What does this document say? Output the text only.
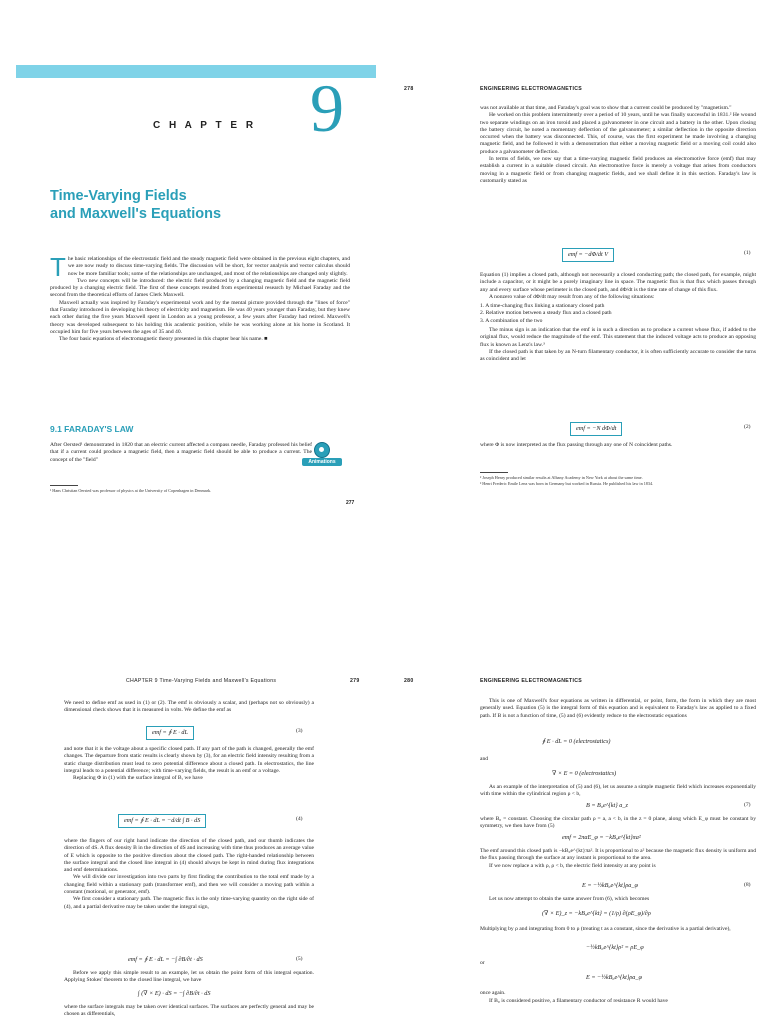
C H A P T E R 9
Time-Varying Fields
and Maxwell's Equations

The basic relationships of the electrostatic field and the steady magnetic field were obtained in the previous eight chapters, and we are now ready to discuss time-varying fields. The discussion will be short, for vector analysis and vector calculus should now be more familiar tools; some of the relationships are unchanged, and most of the relationships are changed only slightly.

Two new concepts will be introduced: the electric field produced by a changing magnetic field and the magnetic field produced by a changing electric field. The first of these concepts resulted from experimental research by Michael Faraday and the second from the theoretical efforts of James Clerk Maxwell.

Maxwell actually was inspired by Faraday's experimental work and by the mental picture provided through the "lines of force" that Faraday introduced in developing his theory of electricity and magnetism. He was 40 years younger than Faraday, but they knew each other during the five years Maxwell spent in London as a young professor, a few years after Faraday had retired. Maxwell's theory was developed subsequent to his holding this academic position, while he was working alone at his home in Scotland. It occupied him for five years between the ages of 35 and 40.

The four basic equations of electromagnetic theory presented in this chapter bear his name. ■

9.1 FARADAY'S LAW
After Oersted¹ demonstrated in 1820 that an electric current affected a compass needle, Faraday professed his belief that if a current could produce a magnetic field, then a magnetic field should be able to produce a current. The concept of the "field"	Animations
¹ Hans Christian Oersted was professor of physics at the University of Copenhagen in Denmark.
277
278	ENGINEERING ELECTROMAGNETICS

was not available at that time, and Faraday's goal was to show that a current could be produced by "magnetism."

He worked on this problem intermittently over a period of 10 years, until he was finally successful in 1831.² He wound two separate windings on an iron toroid and placed a galvanometer in one circuit and a battery in the other. Upon closing the battery circuit, he noted a momentary deflection of the galvanometer; a similar deflection in the opposite direction occurred when the battery was disconnected. This, of course, was the first experiment he made involving a changing magnetic field, and he followed it with a demonstration that either a moving magnetic field or a moving coil could also produce a galvanometer deflection.

In terms of fields, we now say that a time-varying magnetic field produces an electromotive force (emf) that may establish a current in a suitable closed circuit. An electromotive force is merely a voltage that arises from conductors moving in a magnetic field or from changing magnetic fields, and we shall define it in this section. Faraday's law is customarily stated as

emf = −dΦ/dt V	(1)

Equation (1) implies a closed path, although not necessarily a closed conducting path; the closed path, for example, might include a capacitor, or it might be a purely imaginary line in space. The magnetic flux is that flux which passes through any and every surface whose perimeter is the closed path, and dΦ/dt is the time rate of change of this flux.

A nonzero value of dΦ/dt may result from any of the following situations:

1. A time-changing flux linking a stationary closed path
2. Relative motion between a steady flux and a closed path
3. A combination of the two

The minus sign is an indication that the emf is in such a direction as to produce a current whose flux, if added to the original flux, would reduce the magnitude of the emf. This statement that the induced voltage acts to produce an opposing flux is known as Lenz's law.³

If the closed path is that taken by an N-turn filamentary conductor, it is often sufficiently accurate to consider the turns as coincident and let

emf = −N dΦ/dt	(2)
where Φ is now interpreted as the flux passing through any one of N coincident paths.
² Joseph Henry produced similar results at Albany Academy in New York at about the same time.
³ Henri Frederic Emile Lenz was born in Germany but worked in Russia. He published his law in 1834.
CHAPTER 9 Time-Varying Fields and Maxwell's Equations	279
We need to define emf as used in (1) or (2). The emf is obviously a scalar, and (perhaps not so obviously) a dimensional check shows that it is measured in volts. We define the emf as
emf = ∮ E · dL	(3)

and note that it is the voltage about a specific closed path. If any part of the path is changed, generally the emf changes. The departure from static results is clearly shown by (3), for an electric field intensity resulting from a static charge distribution must lead to zero potential difference about a closed path. In electrostatics, the line integral leads to a potential difference; with time-varying fields, the result is an emf or a voltage.

Replacing Φ in (1) with the surface integral of B, we have

emf = ∮ E · dL = −d/dt ∫ B · dS	(4)

where the fingers of our right hand indicate the direction of the closed path, and our thumb indicates the direction of dS. A flux density B in the direction of dS and increasing with time thus produces an average value of E which is opposite to the positive direction about the closed path. The right-handed relationship between the surface integral and the closed line integral in (4) should always be kept in mind during flux integrations and emf determinations.

We will divide our investigation into two parts by first finding the contribution to the total emf made by a changing field within a stationary path (transformer emf), and then we will consider a moving path within a constant (motional, or generator, emf).

We first consider a stationary path. The magnetic flux is the only time-varying quantity on the right side of (4), and a partial derivative may be taken under the integral sign,

emf = ∮ E · dL = −∫ ∂B/∂t · dS	(5)
Before we apply this simple result to an example, let us obtain the point form of this integral equation. Applying Stokes' theorem to the closed line integral, we have
∫ (∇ × E) · dS = −∫ ∂B/∂t · dS
where the surface integrals may be taken over identical surfaces. The surfaces are perfectly general and may be chosen as differentials,
280	ENGINEERING ELECTROMAGNETICS
This is one of Maxwell's four equations as written in differential, or point, form, the form in which they are most generally used. Equation (5) is the integral form of this equation and is equivalent to Faraday's law as applied to a fixed path. If B is not a function of time, (5) and (6) evidently reduce to the electrostatic equations
∮ E · dL = 0 (electrostatics)
and
∇ × E = 0 (electrostatics)
As an example of the interpretation of (5) and (6), let us assume a simple magnetic field which increases exponentially with time within the cylindrical region ρ < b,
B = B₀e^{kt} a_z	(7)
where B₀ = constant. Choosing the circular path ρ = a, a < b, in the z = 0 plane, along which E_φ must be constant by symmetry, we then have from (5)
emf = 2πaE_φ = −kB₀e^{kt}πa²

The emf around this closed path is −kB₀e^{kt}πa². It is proportional to a² because the magnetic flux density is uniform and the flux passing through the surface at any instant is proportional to the area.

If we now replace a with ρ, ρ < b, the electric field intensity at any point is

E = −½kB₀e^{kt}ρa_φ	(8)
Let us now attempt to obtain the same answer from (6), which becomes
(∇ × E)_z = −kB₀e^{kt} = (1/ρ) ∂(ρE_φ)/∂ρ
Multiplying by ρ and integrating from 0 to ρ (treating t as a constant, since the derivative is a partial derivative),
−½kB₀e^{kt}ρ² = ρE_φ
or
E = −½kB₀e^{kt}ρa_φ
once again.
If B₀ is considered positive, a filamentary conductor of resistance R would have
